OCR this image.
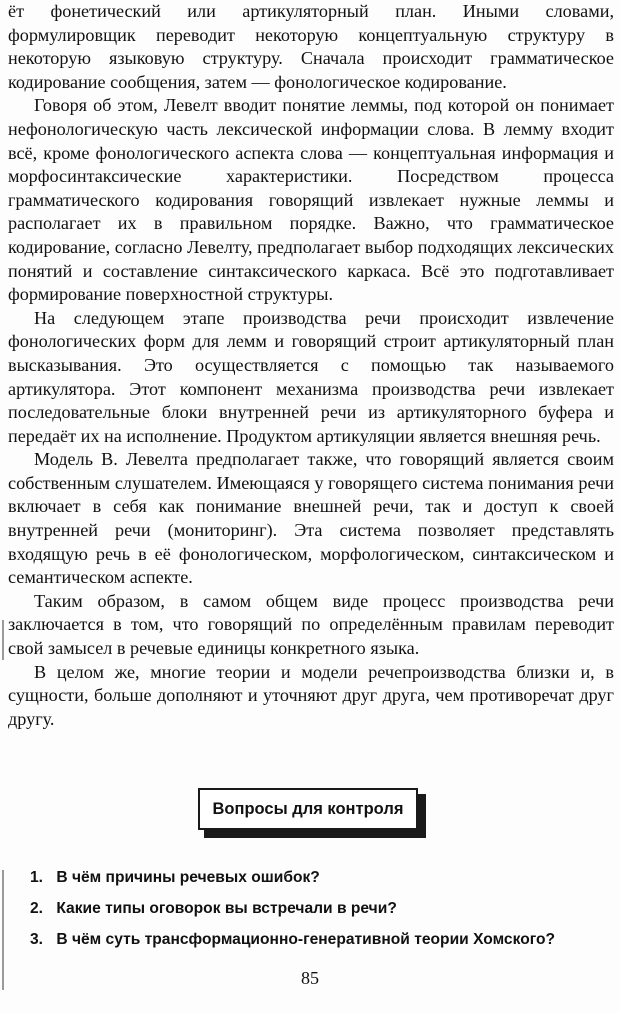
ёт фонетический или артикуляторный план. Иными словами, формулировщик переводит некоторую концептуальную структуру в некоторую языковую структуру. Сначала происходит грамматическое кодирование сообщения, затем — фонологическое кодирование.

Говоря об этом, Левелт вводит понятие леммы, под которой он понимает нефонологическую часть лексической информации слова. В лемму входит всё, кроме фонологического аспекта слова — концептуальная информация и морфосинтаксические характеристики. Посредством процесса грамматического кодирования говорящий извлекает нужные леммы и располагает их в правильном порядке. Важно, что грамматическое кодирование, согласно Левелту, предполагает выбор подходящих лексических понятий и составление синтаксического каркаса. Всё это подготавливает формирование поверхностной структуры.

На следующем этапе производства речи происходит извлечение фонологических форм для лемм и говорящий строит артикуляторный план высказывания. Это осуществляется с помощью так называемого артикулятора. Этот компонент механизма производства речи извлекает последовательные блоки внутренней речи из артикуляторного буфера и передаёт их на исполнение. Продуктом артикуляции является внешняя речь.

Модель В. Левелта предполагает также, что говорящий является своим собственным слушателем. Имеющаяся у говорящего система понимания речи включает в себя как понимание внешней речи, так и доступ к своей внутренней речи (мониторинг). Эта система позволяет представлять входящую речь в её фонологическом, морфологическом, синтаксическом и семантическом аспекте.

Таким образом, в самом общем виде процесс производства речи заключается в том, что говорящий по определённым правилам переводит свой замысел в речевые единицы конкретного языка.

В целом же, многие теории и модели речепроизводства близки и, в сущности, больше дополняют и уточняют друг друга, чем противоречат друг другу.

Вопросы для контроля
1. В чём причины речевых ошибок?
2. Какие типы оговорок вы встречали в речи?
3. В чём суть трансформационно-генеративной теории Хомского?
85
